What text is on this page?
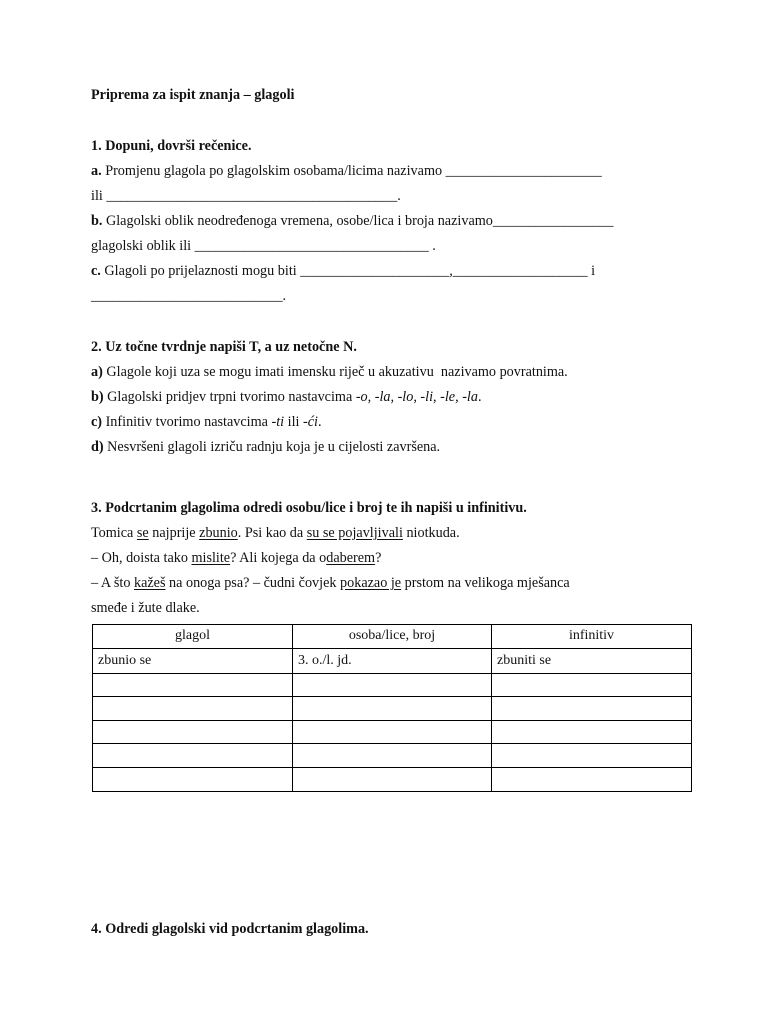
Priprema za ispit znanja – glagoli
1. Dopuni, dovrši rečenice.
a. Promjenu glagola po glagolskim osobama/licima nazivamo ______________________
ili _________________________________________.
b. Glagolski oblik neodređenoga vremena, osobe/lica i broja nazivamo_________________
glagolski oblik ili _________________________________ .
c. Glagoli po prijelaznosti mogu biti _____________________,___________________ i
___________________________.
2. Uz točne tvrdnje napiši T, a uz netočne N.
a) Glagole koji uza se mogu imati imensku riječ u akuzativu  nazivamo povratnima.
b) Glagolski pridjev trpni tvorimo nastavcima -o, -la, -lo, -li, -le, -la.
c) Infinitiv tvorimo nastavcima -ti ili -ći.
d) Nesvršeni glagoli izriču radnju koja je u cijelosti završena.
3. Podcrtanim glagolima odredi osobu/lice i broj te ih napiši u infinitivu.
Tomica se najprije zbunio. Psi kao da su se pojavljivali niotkuda.
– Oh, doista tako mislite? Ali kojega da odaberem?
– A što kažeš na onoga psa? – čudni čovjek pokazao je prstom na velikoga mješanca
smeđe i žute dlake.
glagol	osoba/lice, broj	infinitiv
zbunio se	3. o./l. jd.	zbuniti se

4. Odredi glagolski vid podcrtanim glagolima.
